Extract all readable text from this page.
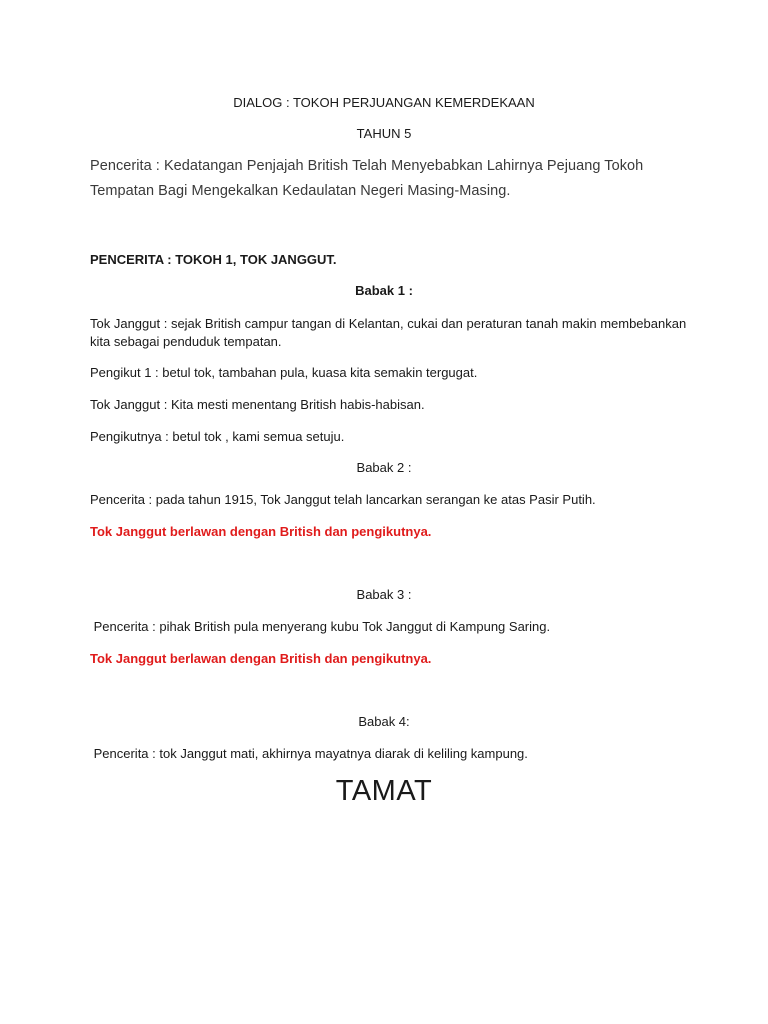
DIALOG : TOKOH PERJUANGAN KEMERDEKAAN
TAHUN 5
Pencerita : Kedatangan Penjajah British Telah Menyebabkan Lahirnya Pejuang Tokoh
Tempatan Bagi Mengekalkan Kedaulatan Negeri Masing-Masing.
PENCERITA : TOKOH 1, TOK JANGGUT.
Babak 1 :
Tok Janggut : sejak British campur tangan di Kelantan, cukai dan peraturan tanah makin membebankan kita sebagai penduduk tempatan.
Pengikut 1 : betul tok, tambahan pula, kuasa kita semakin tergugat.
Tok Janggut : Kita mesti menentang British habis-habisan.
Pengikutnya : betul tok , kami semua setuju.
Babak 2 :
Pencerita : pada tahun 1915, Tok Janggut telah lancarkan serangan ke atas Pasir Putih.
Tok Janggut berlawan dengan British dan pengikutnya.
Babak 3 :
Pencerita : pihak British pula menyerang kubu Tok Janggut di Kampung Saring.
Tok Janggut berlawan dengan British dan pengikutnya.
Babak 4:
Pencerita : tok Janggut mati, akhirnya mayatnya diarak di keliling kampung.
TAMAT
